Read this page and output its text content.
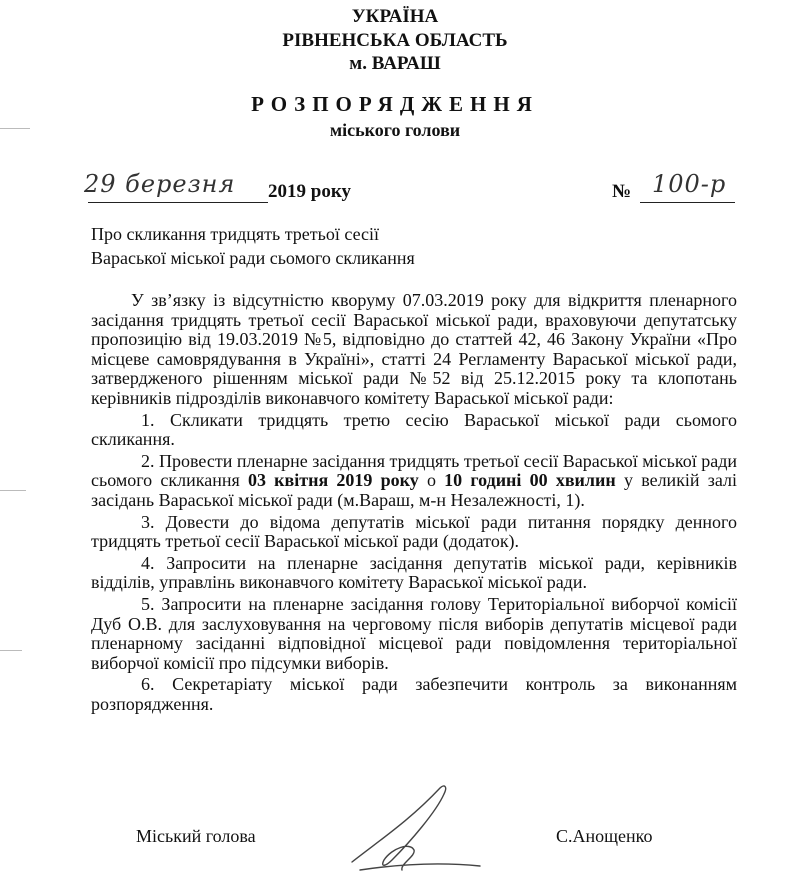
УКРАЇНА
РІВНЕНСЬКА ОБЛАСТЬ
м. ВАРАШ
РОЗПОРЯДЖЕННЯ
міського голови
29 березня 2019 року	№ 100-р
Про скликання тридцять третьої сесії
Вараської міської ради сьомого скликання

У зв’язку із відсутністю кворуму 07.03.2019 року для відкриття пленарного засідання тридцять третьої сесії Вараської міської ради, враховуючи депутатську пропозицію від 19.03.2019 №5, відповідно до статтей 42, 46 Закону України «Про місцеве самоврядування в Україні», статті 24 Регламенту Вараської міської ради, затвердженого рішенням міської ради №52 від 25.12.2015 року та клопотань керівників підрозділів виконавчого комітету Вараської міської ради:

1. Скликати тридцять третю сесію Вараської міської ради сьомого скликання.

2. Провести пленарне засідання тридцять третьої сесії Вараської міської ради сьомого скликання 03 квітня 2019 року о 10 годині 00 хвилин у великій залі засідань Вараської міської ради (м.Вараш, м-н Незалежності, 1).

3. Довести до відома депутатів міської ради питання порядку денного тридцять третьої сесії Вараської міської ради (додаток).

4. Запросити на пленарне засідання депутатів міської ради, керівників відділів, управлінь виконавчого комітету Вараської міської ради.

5. Запросити на пленарне засідання голову Територіальної виборчої комісії Дуб О.В. для заслуховування на черговому після виборів депутатів місцевої ради пленарному засіданні відповідної місцевої ради повідомлення територіальної виборчої комісії про підсумки виборів.

6. Секретаріату міської ради забезпечити контроль за виконанням розпорядження.

Міський голова	С.Анощенко
